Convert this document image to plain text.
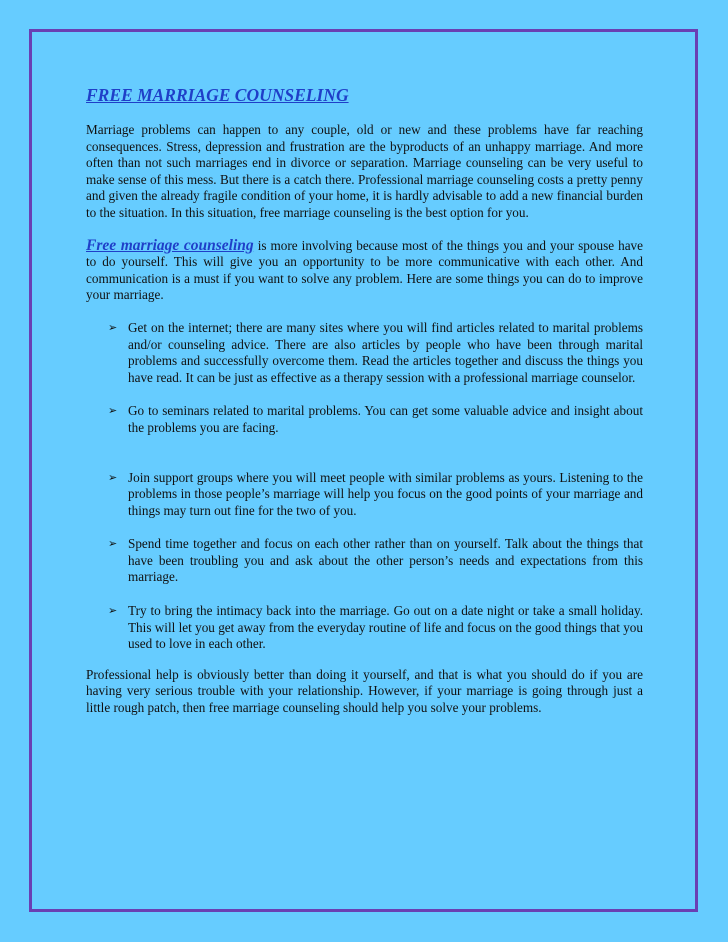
FREE MARRIAGE COUNSELING

Marriage problems can happen to any couple, old or new and these problems have far reaching consequences. Stress, depression and frustration are the byproducts of an unhappy marriage. And more often than not such marriages end in divorce or separation. Marriage counseling can be very useful to make sense of this mess. But there is a catch there. Professional marriage counseling costs a pretty penny and given the already fragile condition of your home, it is hardly advisable to add a new financial burden to the situation. In this situation, free marriage counseling is the best option for you.

Free marriage counseling is more involving because most of the things you and your spouse have to do yourself. This will give you an opportunity to be more communicative with each other. And communication is a must if you want to solve any problem. Here are some things you can do to improve your marriage.

➢ Get on the internet; there are many sites where you will find articles related to marital problems and/or counseling advice. There are also articles by people who have been through marital problems and successfully overcome them. Read the articles together and discuss the things you have read. It can be just as effective as a therapy session with a professional marriage counselor.
➢ Go to seminars related to marital problems. You can get some valuable advice and insight about the problems you are facing.
➢ Join support groups where you will meet people with similar problems as yours. Listening to the problems in those people’s marriage will help you focus on the good points of your marriage and things may turn out fine for the two of you.
➢ Spend time together and focus on each other rather than on yourself. Talk about the things that have been troubling you and ask about the other person’s needs and expectations from this marriage.
➢ Try to bring the intimacy back into the marriage. Go out on a date night or take a small holiday. This will let you get away from the everyday routine of life and focus on the good things that you used to love in each other.

Professional help is obviously better than doing it yourself, and that is what you should do if you are having very serious trouble with your relationship. However, if your marriage is going through just a little rough patch, then free marriage counseling should help you solve your problems.
